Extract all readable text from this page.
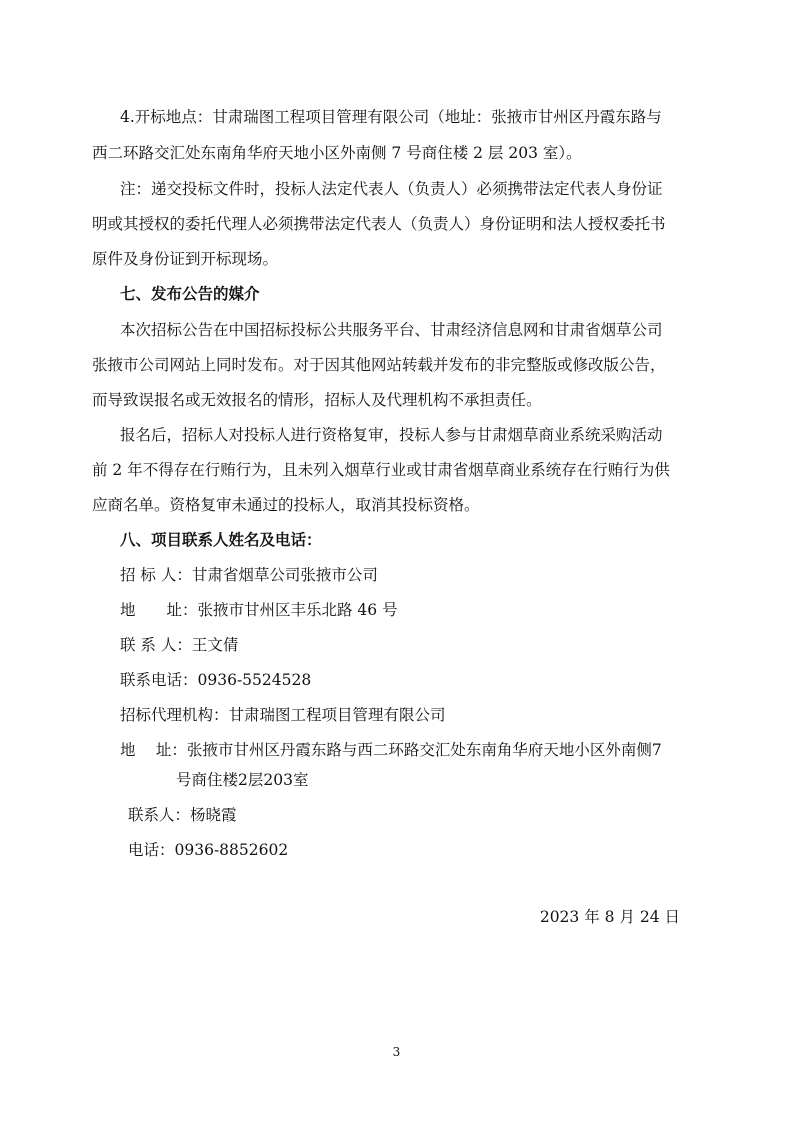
4.开标地点：甘肃瑞图工程项目管理有限公司（地址：张掖市甘州区丹霞东路与
西二环路交汇处东南角华府天地小区外南侧 7 号商住楼 2 层 203 室）。
注：递交投标文件时，投标人法定代表人（负责人）必须携带法定代表人身份证
明或其授权的委托代理人必须携带法定代表人（负责人）身份证明和法人授权委托书
原件及身份证到开标现场。
七、发布公告的媒介
本次招标公告在中国招标投标公共服务平台、甘肃经济信息网和甘肃省烟草公司
张掖市公司网站上同时发布。对于因其他网站转载并发布的非完整版或修改版公告，
而导致误报名或无效报名的情形，招标人及代理机构不承担责任。
报名后，招标人对投标人进行资格复审，投标人参与甘肃烟草商业系统采购活动
前 2 年不得存在行贿行为，且未列入烟草行业或甘肃省烟草商业系统存在行贿行为供
应商名单。资格复审未通过的投标人，取消其投标资格。
八、项目联系人姓名及电话：
招 标 人：甘肃省烟草公司张掖市公司
地　　址：张掖市甘州区丰乐北路 46 号
联 系 人：王文倩
联系电话：0936-5524528
招标代理机构：甘肃瑞图工程项目管理有限公司
地　 址：张掖市甘州区丹霞东路与西二环路交汇处东南角华府天地小区外南侧7
号商住楼2层203室
联系人：杨晓霞
电话：0936-8852602
2023 年 8 月 24 日
3
